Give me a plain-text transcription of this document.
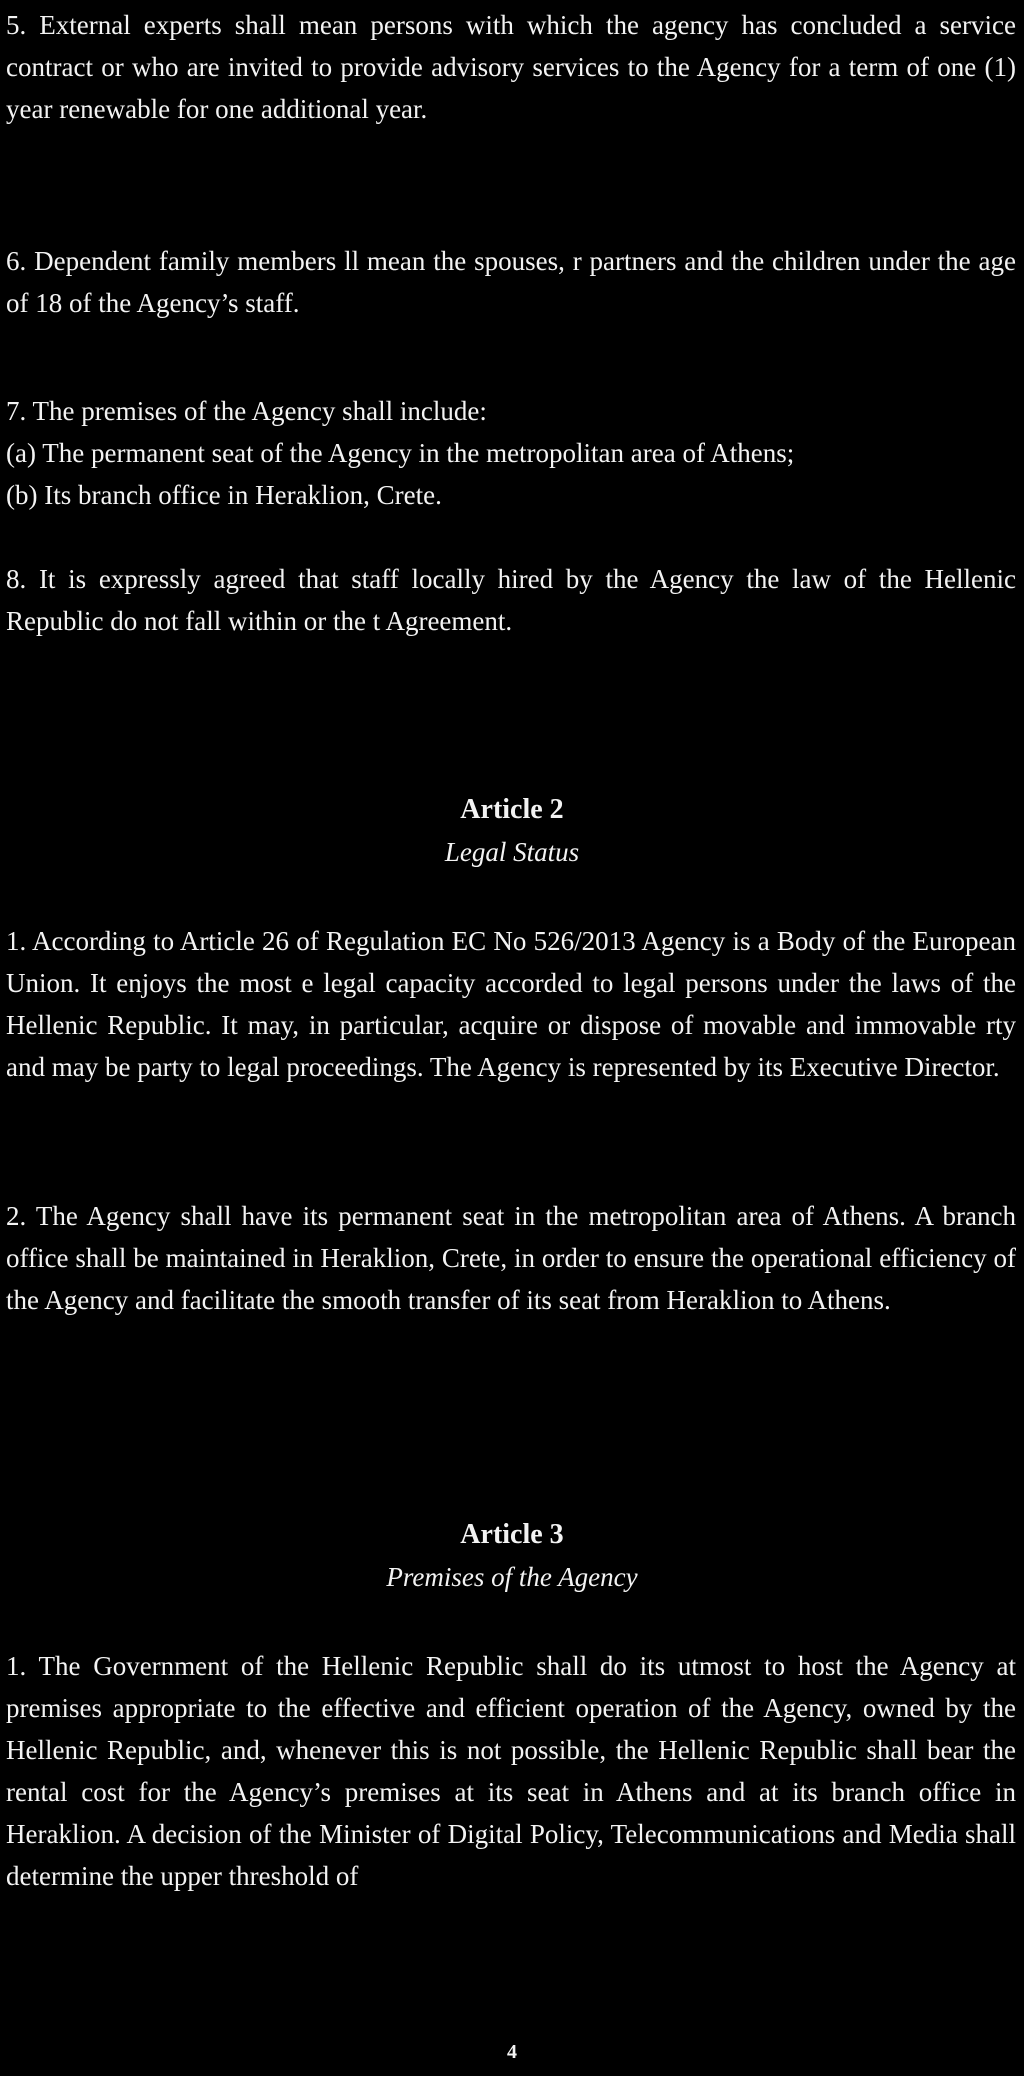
5. External experts shall mean persons with which the agency has concluded a service contract or who are invited to provide advisory services to the Agency for a term of one (1) year renewable for one additional year.

6. Dependent family members ll mean the spouses, r partners and the children under the age of 18 of the Agency’s staff.

7. The premises of the Agency shall include:

(a) The permanent seat of the Agency in the metropolitan area of Athens;

(b) Its branch office in Heraklion, Crete.

8. It is expressly agreed that staff locally hired by the Agency the law of the Hellenic Republic do not fall within or the t Agreement.

Article 2
Legal Status

1. According to Article 26 of Regulation EC No 526/2013 Agency is a Body of the European Union. It enjoys the most e legal capacity accorded to legal persons under the laws of the Hellenic Republic. It may, in particular, acquire or dispose of movable and immovable rty and may be party to legal proceedings. The Agency is represented by its Executive Director.

2. The Agency shall have its permanent seat in the metropolitan area of Athens. A branch office shall be maintained in Heraklion, Crete, in order to ensure the operational efficiency of the Agency and facilitate the smooth transfer of its seat from Heraklion to Athens.

Article 3
Premises of the Agency

1. The Government of the Hellenic Republic shall do its utmost to host the Agency at premises appropriate to the effective and efficient operation of the Agency, owned by the Hellenic Republic, and, whenever this is not possible, the Hellenic Republic shall bear the rental cost for the Agency’s premises at its seat in Athens and at its branch office in Heraklion. A decision of the Minister of Digital Policy, Telecommunications and Media shall determine the upper threshold of

4
